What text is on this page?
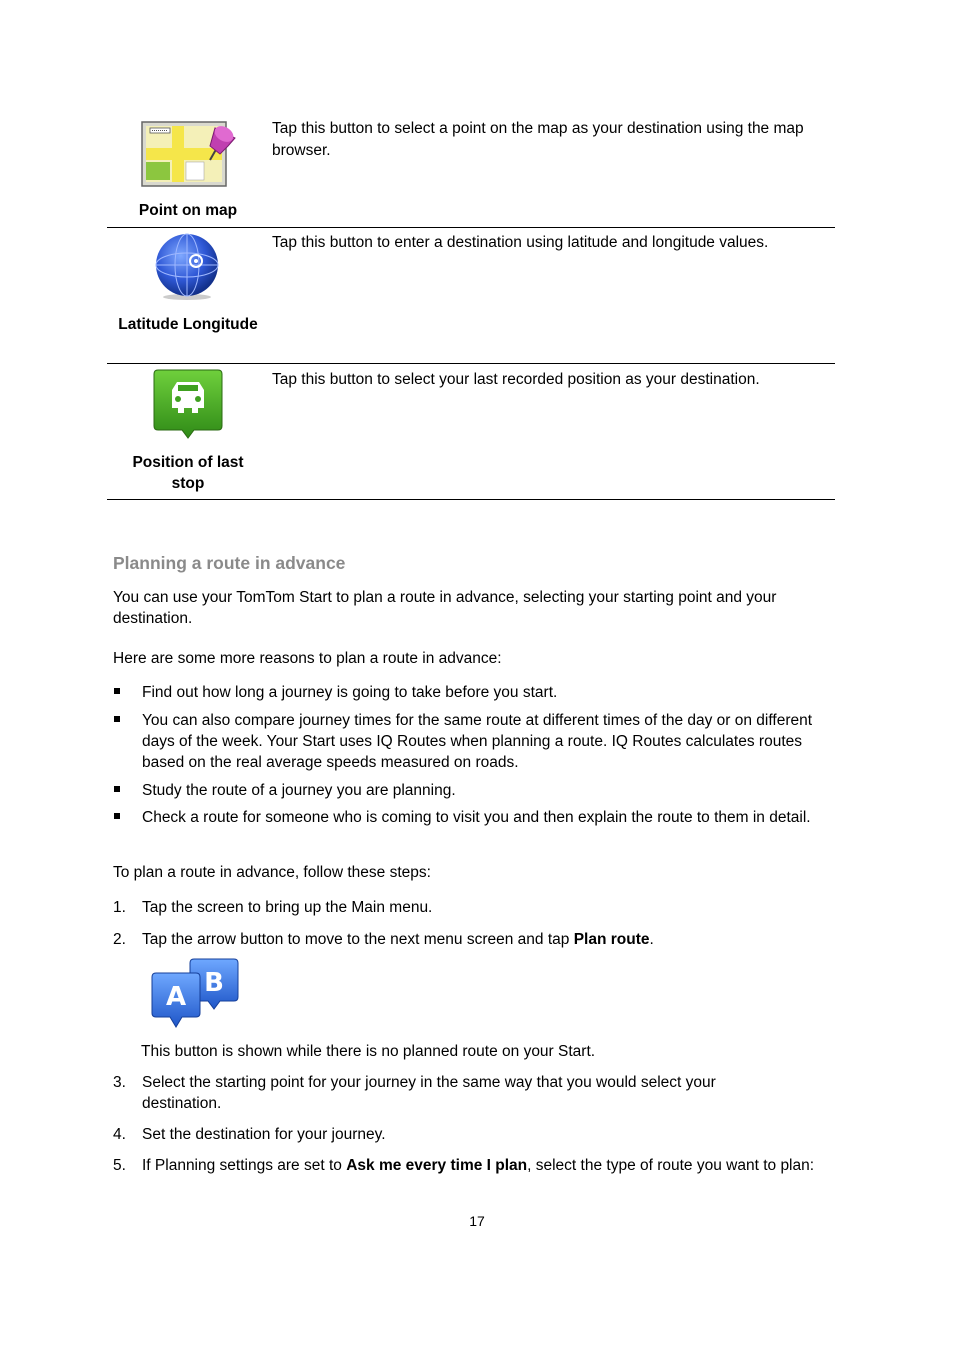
Point on map
Tap this button to select a point on the map as your destination using the map browser.
Latitude Longitude
Tap this button to enter a destination using latitude and longitude values.
Position of last
stop
Tap this button to select your last recorded position as your destination.
Planning a route in advance
You can use your TomTom Start to plan a route in advance, selecting your starting point and your destination.
Here are some more reasons to plan a route in advance:
Find out how long a journey is going to take before you start.
You can also compare journey times for the same route at different times of the day or on different days of the week. Your Start uses IQ Routes when planning a route. IQ Routes calculates routes based on the real average speeds measured on roads.
Study the route of a journey you are planning.
Check a route for someone who is coming to visit you and then explain the route to them in detail.
To plan a route in advance, follow these steps:
1. Tap the screen to bring up the Main menu.
2. Tap the arrow button to move to the next menu screen and tap Plan route.
B
A
This button is shown while there is no planned route on your Start.
3. Select the starting point for your journey in the same way that you would select your destination.
4. Set the destination for your journey.
5. If Planning settings are set to Ask me every time I plan, select the type of route you want to plan:
17
